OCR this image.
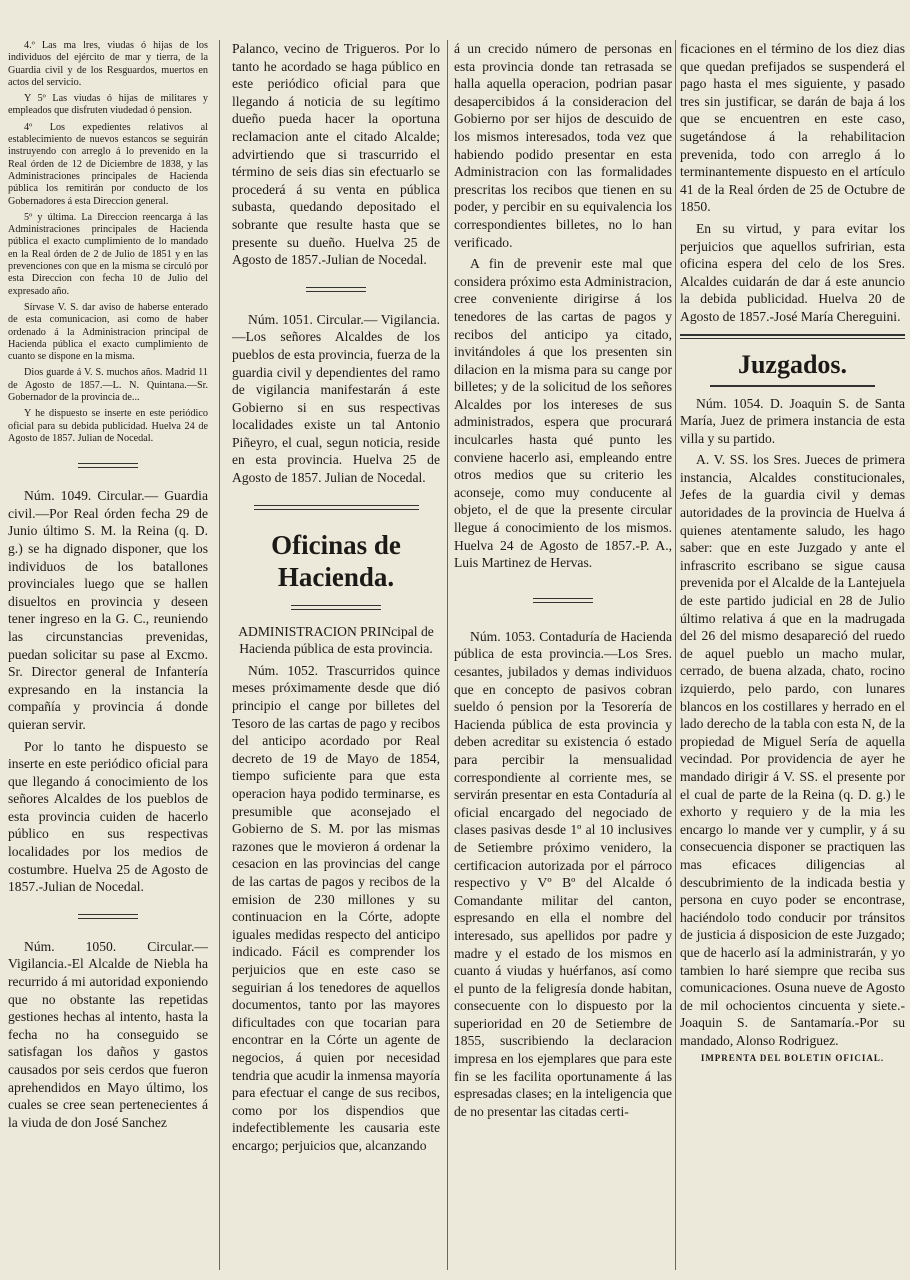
4.º Las ma lres, viudas ó hijas de los individuos del ejército de mar y tierra, de la Guardia civil y de los Resguardos, muertos en actos del servicio.

Y 5º Las viudas ó hijas de militares y empleados que disfruten viudedad ó pension.

4º Los expedientes relativos al establecimiento de nuevos estancos se seguirán instruyendo con arreglo á lo prevenido en la Real órden de 12 de Diciembre de 1838, y las Administraciones principales de Hacienda pública los remitirán por conducto de los Gobernadores á esta Direccion general.

5º y última. La Direccion reencarga á las Administraciones principales de Hacienda pública el exacto cumplimiento de lo mandado en la Real órden de 2 de Julio de 1851 y en las prevenciones con que en la misma se circuló por esta Direccion con fecha 10 de Julio del expresado año.

Sírvase V. S. dar aviso de haberse enterado de esta comunicacion, asi como de haber ordenado á la Administracion principal de Hacienda pública el exacto cumplimiento de cuanto se dispone en la misma.

Dios guarde á V. S. muchos años. Madrid 11 de Agosto de 1857.—L. N. Quintana.—Sr. Gobernador de la provincia de...

Y he dispuesto se inserte en este periódico oficial para su debida publicidad. Huelva 24 de Agosto de 1857. Julian de Nocedal.

Núm. 1049. Circular.— Guardia civil.—Por Real órden fecha 29 de Junio último S. M. la Reina (q. D. g.) se ha dignado disponer, que los individuos de los batallones provinciales luego que se hallen disueltos en provincia y deseen tener ingreso en la G. C., reuniendo las circunstancias prevenidas, puedan solicitar su pase al Excmo. Sr. Director general de Infantería expresando en la instancia la compañía y provincia á donde quieran servir.

Por lo tanto he dispuesto se inserte en este periódico oficial para que llegando á conocimiento de los señores Alcaldes de los pueblos de esta provincia cuiden de hacerlo público en sus respectivas localidades por los medios de costumbre. Huelva 25 de Agosto de 1857.-Julian de Nocedal.

Núm. 1050. Circular.— Vigilancia.-El Alcalde de Niebla ha recurrido á mi autoridad exponiendo que no obstante las repetidas gestiones hechas al intento, hasta la fecha no ha conseguido se satisfagan los daños y gastos causados por seis cerdos que fueron aprehendidos en Mayo último, los cuales se cree sean pertenecientes á la viuda de don José Sanchez

Palanco, vecino de Trigueros. Por lo tanto he acordado se haga público en este periódico oficial para que llegando á noticia de su legítimo dueño pueda hacer la oportuna reclamacion ante el citado Alcalde; advirtiendo que si trascurrido el término de seis dias sin efectuarlo se procederá á su venta en pública subasta, quedando depositado el sobrante que resulte hasta que se presente su dueño. Huelva 25 de Agosto de 1857.-Julian de Nocedal.

Núm. 1051. Circular.— Vigilancia.—Los señores Alcaldes de los pueblos de esta provincia, fuerza de la guardia civil y dependientes del ramo de vigilancia manifestarán á este Gobierno si en sus respectivas localidades existe un tal Antonio Piñeyro, el cual, segun noticia, reside en esta provincia. Huelva 25 de Agosto de 1857. Julian de Nocedal.

Oficinas de Hacienda.

ADMINISTRACION PRINcipal de Hacienda pública de esta provincia.

Núm. 1052. Trascurridos quince meses próximamente desde que dió principio el cange por billetes del Tesoro de las cartas de pago y recibos del anticipo acordado por Real decreto de 19 de Mayo de 1854, tiempo suficiente para que esta operacion haya podido terminarse, es presumible que aconsejado el Gobierno de S. M. por las mismas razones que le movieron á ordenar la cesacion en las provincias del cange de las cartas de pagos y recibos de la emision de 230 millones y su continuacion en la Córte, adopte iguales medidas respecto del anticipo indicado. Fácil es comprender los perjuicios que en este caso se seguirian á los tenedores de aquellos documentos, tanto por las mayores dificultades con que tocarian para encontrar en la Córte un agente de negocios, á quien por necesidad tendria que acudir la inmensa mayoría para efectuar el cange de sus recibos, como por los dispendios que indefectiblemente les causaria este encargo; perjuicios que, alcanzando

á un crecido número de personas en esta provincia donde tan retrasada se halla aquella operacion, podrian pasar desapercibidos á la consideracion del Gobierno por ser hijos de descuido de los mismos interesados, toda vez que habiendo podido presentar en esta Administracion con las formalidades prescritas los recibos que tienen en su poder, y percibir en su equivalencia los correspondientes billetes, no lo han verificado.

A fin de prevenir este mal que considera próximo esta Administracion, cree conveniente dirigirse á los tenedores de las cartas de pagos y recibos del anticipo ya citado, invitándoles á que los presenten sin dilacion en la misma para su cange por billetes; y de la solicitud de los señores Alcaldes por los intereses de sus administrados, espera que procurará inculcarles hasta qué punto les conviene hacerlo asi, empleando entre otros medios que su criterio les aconseje, como muy conducente al objeto, el de que la presente circular llegue á conocimiento de los mismos. Huelva 24 de Agosto de 1857.-P. A., Luis Martinez de Hervas.

Núm. 1053. Contaduría de Hacienda pública de esta provincia.—Los Sres. cesantes, jubilados y demas individuos que en concepto de pasivos cobran sueldo ó pension por la Tesorería de Hacienda pública de esta provincia y deben acreditar su existencia ó estado para percibir la mensualidad correspondiente al corriente mes, se servirán presentar en esta Contaduría al oficial encargado del negociado de clases pasivas desde 1º al 10 inclusives de Setiembre próximo venidero, la certificacion autorizada por el párroco respectivo y Vº Bº del Alcalde ó Comandante militar del canton, espresando en ella el nombre del interesado, sus apellidos por padre y madre y el estado de los mismos en cuanto á viudas y huérfanos, así como el punto de la feligresía donde habitan, consecuente con lo dispuesto por la superioridad en 20 de Setiembre de 1855, suscribiendo la declaracion impresa en los ejemplares que para este fin se les facilita oportunamente á las espresadas clases; en la inteligencia que de no presentar las citadas certi-

ficaciones en el término de los diez dias que quedan prefijados se suspenderá el pago hasta el mes siguiente, y pasado tres sin justificar, se darán de baja á los que se encuentren en este caso, sugetándose á la rehabilitacion prevenida, todo con arreglo á lo terminantemente dispuesto en el artículo 41 de la Real órden de 25 de Octubre de 1850.

En su virtud, y para evitar los perjuicios que aquellos sufririan, esta oficina espera del celo de los Sres. Alcaldes cuidarán de dar á este anuncio la debida publicidad. Huelva 20 de Agosto de 1857.-José María Chereguini.

Juzgados.

Núm. 1054. D. Joaquin S. de Santa María, Juez de primera instancia de esta villa y su partido.

A. V. SS. los Sres. Jueces de primera instancia, Alcaldes constitucionales, Jefes de la guardia civil y demas autoridades de la provincia de Huelva á quienes atentamente saludo, les hago saber: que en este Juzgado y ante el infrascrito escribano se sigue causa prevenida por el Alcalde de la Lantejuela de este partido judicial en 28 de Julio último relativa á que en la madrugada del 26 del mismo desapareció del ruedo de aquel pueblo un macho mular, cerrado, de buena alzada, chato, rocino izquierdo, pelo pardo, con lunares blancos en los costillares y herrado en el lado derecho de la tabla con esta N, de la propiedad de Miguel Sería de aquella vecindad. Por providencia de ayer he mandado dirigir á V. SS. el presente por el cual de parte de la Reina (q. D. g.) le exhorto y requiero y de la mia les encargo lo mande ver y cumplir, y á su consecuencia disponer se practiquen las mas eficaces diligencias al descubrimiento de la indicada bestia y persona en cuyo poder se encontrase, haciéndolo todo conducir por tránsitos de justicia á disposicion de este Juzgado; que de hacerlo así la administrarán, y yo tambien lo haré siempre que reciba sus comunicaciones. Osuna nueve de Agosto de mil ochocientos cincuenta y siete.-Joaquin S. de Santamaría.-Por su mandado, Alonso Rodriguez.

IMPRENTA DEL BOLETIN OFICIAL.
